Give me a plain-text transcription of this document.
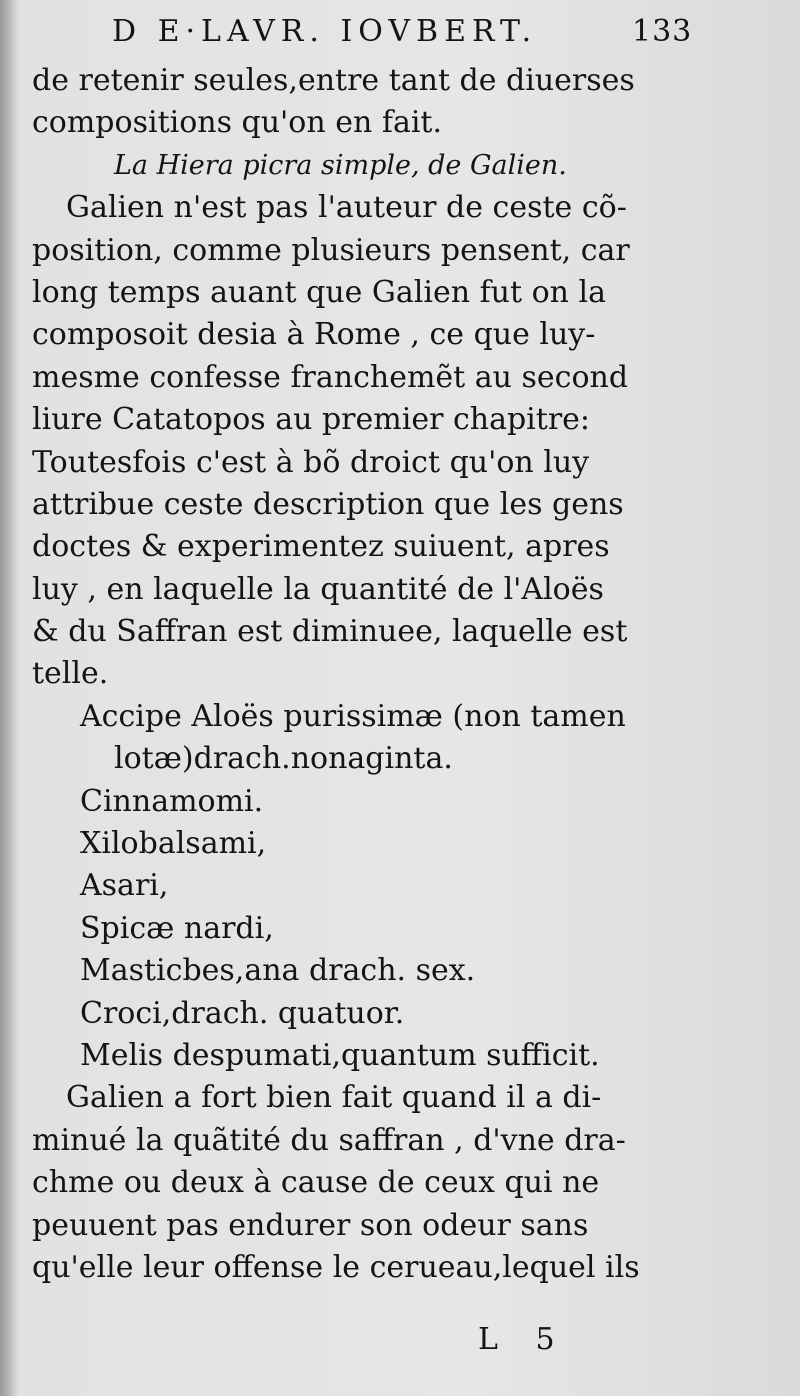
D E·LAVR. IOVBERT.	133
de retenir seules,entre tant de diuerses
compositions qu'on en fait.
La Hiera picra simple, de Galien.
Galien n'est pas l'auteur de ceste cõ-
position, comme plusieurs pensent, car
long temps auant que Galien fut on la
composoit desia à Rome , ce que luy-
mesme confesse franchemẽt au second
liure Catatopos au premier chapitre:
Toutesfois c'est à bõ droict qu'on luy
attribue ceste description que les gens
doctes & experimentez suiuent, apres
luy , en laquelle la quantité de l'Aloës
& du Saffran est diminuee, laquelle est
telle.
Accipe Aloës purissimæ (non tamen
lotæ)drach.nonaginta.
Cinnamomi.
Xilobalsami,
Asari,
Spicæ nardi,
Masticbes,ana drach. sex.
Croci,drach. quatuor.
Melis despumati,quantum sufficit.
Galien a fort bien fait quand il a di-
minué la quãtité du saffran , d'vne dra-
chme ou deux à cause de ceux qui ne
peuuent pas endurer son odeur sans
qu'elle leur offense le cerueau,lequel ils
L 5
